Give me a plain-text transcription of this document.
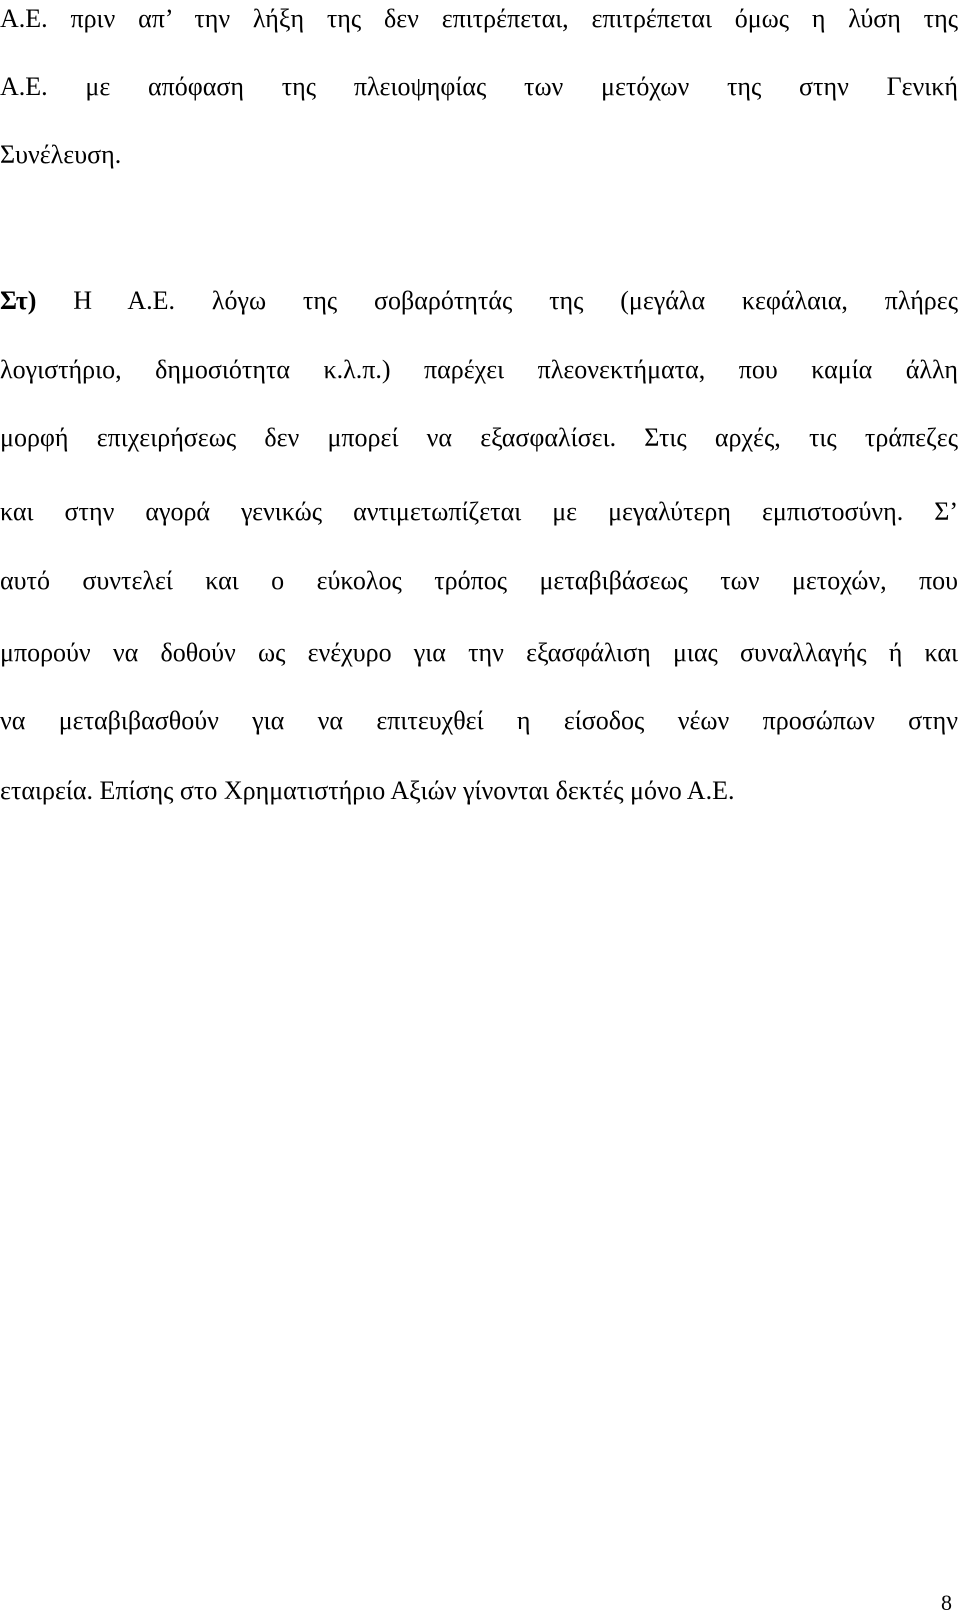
Α.Ε. πριν απ’ την λήξη της δεν επιτρέπεται, επιτρέπεται όμως η λύση της
Α.Ε. με απόφαση της πλειοψηφίας των μετόχων της στην Γενική
Συνέλευση.
Στ) Η Α.Ε. λόγω της σοβαρότητάς της (μεγάλα κεφάλαια, πλήρες
λογιστήριο, δημοσιότητα κ.λ.π.) παρέχει πλεονεκτήματα, που καμία άλλη
μορφή επιχειρήσεως δεν μπορεί να εξασφαλίσει. Στις αρχές, τις τράπεζες
και στην αγορά γενικώς αντιμετωπίζεται με μεγαλύτερη εμπιστοσύνη. Σ’
αυτό συντελεί και ο εύκολος τρόπος μεταβιβάσεως των μετοχών, που
μπορούν να δοθούν ως ενέχυρο για την εξασφάλιση μιας συναλλαγής ή και
να μεταβιβασθούν για να επιτευχθεί η είσοδος νέων προσώπων στην
εταιρεία. Επίσης στο Χρηματιστήριο Αξιών γίνονται δεκτές μόνο Α.Ε.
8
